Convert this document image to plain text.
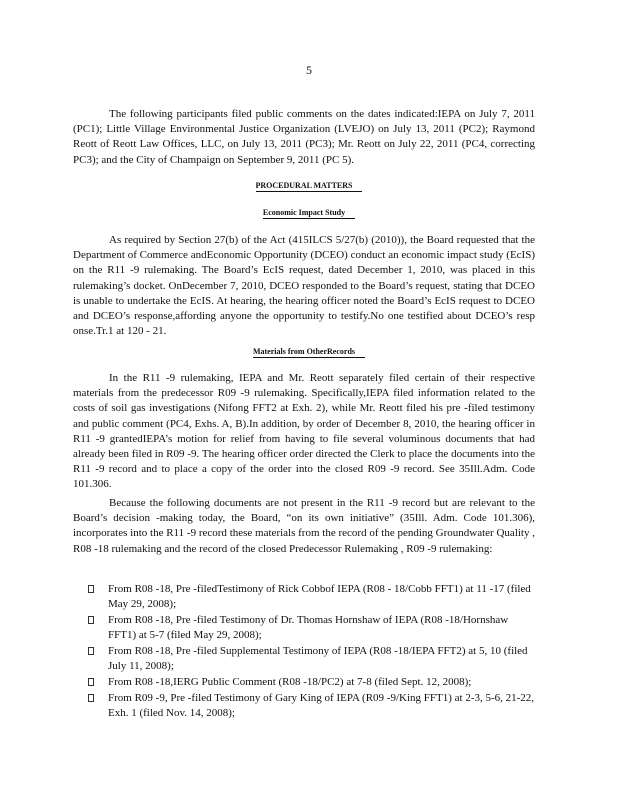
5
The following participants filed public comments on the dates indicated:IEPA on July 7, 2011 (PC1); Little Village Environmental Justice Organization (LVEJO) on July 13, 2011 (PC2); Raymond Reott of Reott Law Offices, LLC, on July 13, 2011 (PC3); Mr. Reott on July 22, 2011 (PC4, correcting PC3); and the City of Champaign on September 9, 2011 (PC 5).
PROCEDURAL MATTERS
Economic Impact Study
As required by Section 27(b) of the Act (415ILCS 5/27(b) (2010)), the Board requested that the Department of Commerce andEconomic Opportunity (DCEO) conduct an economic impact study (EcIS) on the R11 -9 rulemaking. The Board’s EcIS request, dated December 1, 2010, was placed in this rulemaking’s docket. OnDecember 7, 2010, DCEO responded to the Board’s request, stating that DCEO is unable to undertake the EcIS. At hearing, the hearing officer noted the Board’s EcIS request to DCEO and DCEO’s response,affording anyone the opportunity to testify.No one testified about DCEO’s resp onse.Tr.1 at 120 - 21.
Materials from OtherRecords
In the R11 -9 rulemaking, IEPA and Mr. Reott separately filed certain of their respective materials from the predecessor R09 -9 rulemaking. Specifically,IEPA filed information related to the costs of soil gas investigations (Nifong FFT2 at Exh. 2), while Mr. Reott filed his pre -filed testimony and public comment (PC4, Exhs. A, B).In addition, by order of December 8, 2010, the hearing officer in R11 -9 grantedIEPA’s motion for relief from having to file several voluminous documents that had already been filed in R09 -9. The hearing officer order directed the Clerk to place the documents into the R11 -9 record and to place a copy of the order into the closed R09 -9 record. See 35Ill.Adm. Code 101.306.
Because the following documents are not present in the R11 -9 record but are relevant to the Board’s decision -making today, the Board, “on its own initiative” (35Ill. Adm. Code 101.306), incorporates into the R11 -9 record these materials from the record of the pending Groundwater Quality , R08 -18 rulemaking and the record of the closed Predecessor Rulemaking , R09 -9 rulemaking:
From R08 -18, Pre -filedTestimony of Rick Cobbof IEPA (R08 - 18/Cobb FFT1) at 11 -17 (filed May 29, 2008);
From R08 -18, Pre -filed Testimony of Dr. Thomas Hornshaw of IEPA (R08 -18/Hornshaw FFT1) at 5-7 (filed May 29, 2008);
From R08 -18, Pre -filed Supplemental Testimony of IEPA (R08 -18/IEPA FFT2) at 5, 10 (filed July 11, 2008);
From R08 -18,IERG Public Comment (R08 -18/PC2) at 7-8 (filed Sept. 12, 2008);
From R09 -9, Pre -filed Testimony of Gary King of IEPA (R09 -9/King FFT1) at 2-3, 5-6, 21-22, Exh. 1 (filed Nov. 14, 2008);
